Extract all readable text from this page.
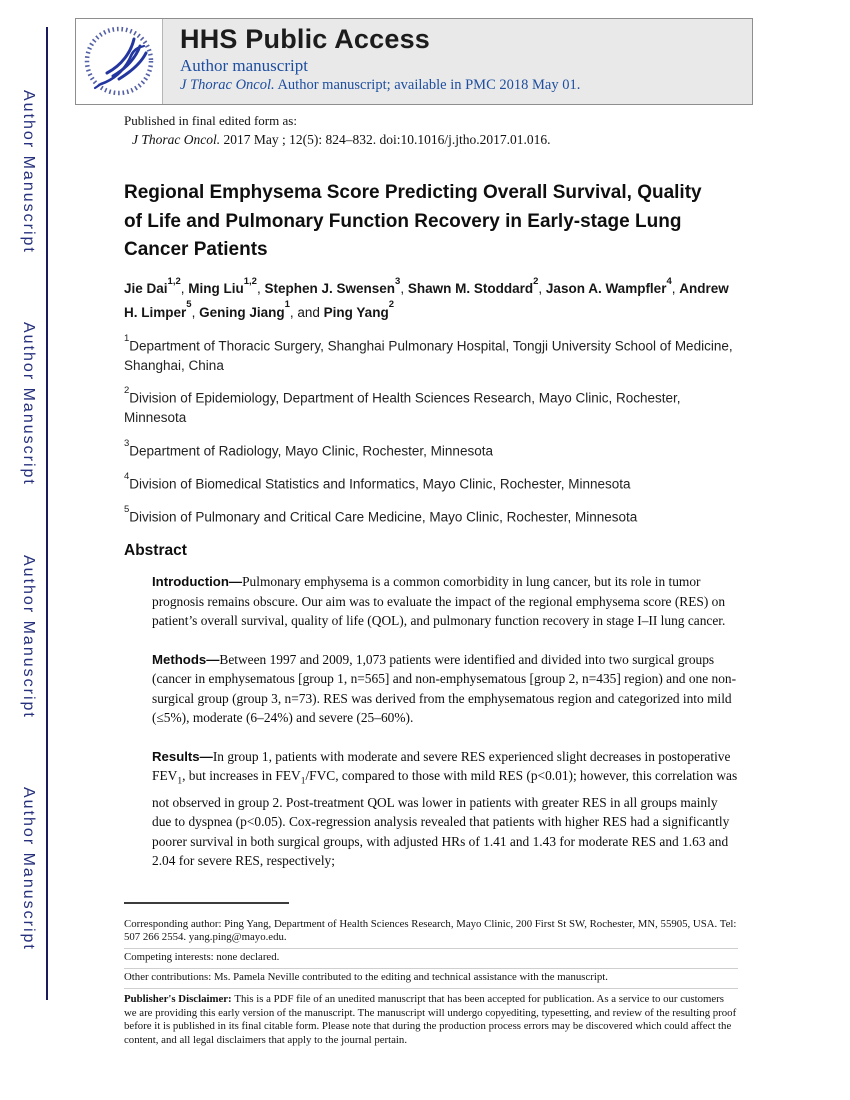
Author Manuscript
Author Manuscript
Author Manuscript
Author Manuscript
HHS Public Access
Author manuscript
J Thorac Oncol. Author manuscript; available in PMC 2018 May 01.
Published in final edited form as:
J Thorac Oncol. 2017 May ; 12(5): 824–832. doi:10.1016/j.jtho.2017.01.016.
Regional Emphysema Score Predicting Overall Survival, Quality of Life and Pulmonary Function Recovery in Early-stage Lung Cancer Patients

Jie Dai$^{1,2}$, Ming Liu$^{1,2}$, Stephen J. Swensen$^3$, Shawn M. Stoddard$^2$, Jason A. Wampfler$^4$, Andrew H. Limper$^5$, Gening Jiang$^1$, and Ping Yang$^2$

$^1$Department of Thoracic Surgery, Shanghai Pulmonary Hospital, Tongji University School of Medicine, Shanghai, China

$^2$Division of Epidemiology, Department of Health Sciences Research, Mayo Clinic, Rochester, Minnesota

$^3$Department of Radiology, Mayo Clinic, Rochester, Minnesota

$^4$Division of Biomedical Statistics and Informatics, Mayo Clinic, Rochester, Minnesota

$^5$Division of Pulmonary and Critical Care Medicine, Mayo Clinic, Rochester, Minnesota

Abstract

Introduction—Pulmonary emphysema is a common comorbidity in lung cancer, but its role in tumor prognosis remains obscure. Our aim was to evaluate the impact of the regional emphysema score (RES) on patient’s overall survival, quality of life (QOL), and pulmonary function recovery in stage I–II lung cancer.

Methods—Between 1997 and 2009, 1,073 patients were identified and divided into two surgical groups (cancer in emphysematous [group 1, n=565] and non-emphysematous [group 2, n=435] region) and one non-surgical group (group 3, n=73). RES was derived from the emphysematous region and categorized into mild (≤5%), moderate (6–24%) and severe (25–60%).

Results—In group 1, patients with moderate and severe RES experienced slight decreases in postoperative $FEV_1$, but increases in $FEV_1$/FVC, compared to those with mild RES (p<0.01); however, this correlation was not observed in group 2. Post-treatment QOL was lower in patients with greater RES in all groups mainly due to dyspnea (p<0.05). Cox-regression analysis revealed that patients with higher RES had a significantly poorer survival in both surgical groups, with adjusted HRs of 1.41 and 1.43 for moderate RES and 1.63 and 2.04 for severe RES, respectively;

Corresponding author: Ping Yang, Department of Health Sciences Research, Mayo Clinic, 200 First St SW, Rochester, MN, 55905, USA. Tel: 507 266 2554. yang.ping@mayo.edu.
Competing interests: none declared.
Other contributions: Ms. Pamela Neville contributed to the editing and technical assistance with the manuscript.

Publisher's Disclaimer: This is a PDF file of an unedited manuscript that has been accepted for publication. As a service to our customers we are providing this early version of the manuscript. The manuscript will undergo copyediting, typesetting, and review of the resulting proof before it is published in its final citable form. Please note that during the production process errors may be discovered which could affect the content, and all legal disclaimers that apply to the journal pertain.
